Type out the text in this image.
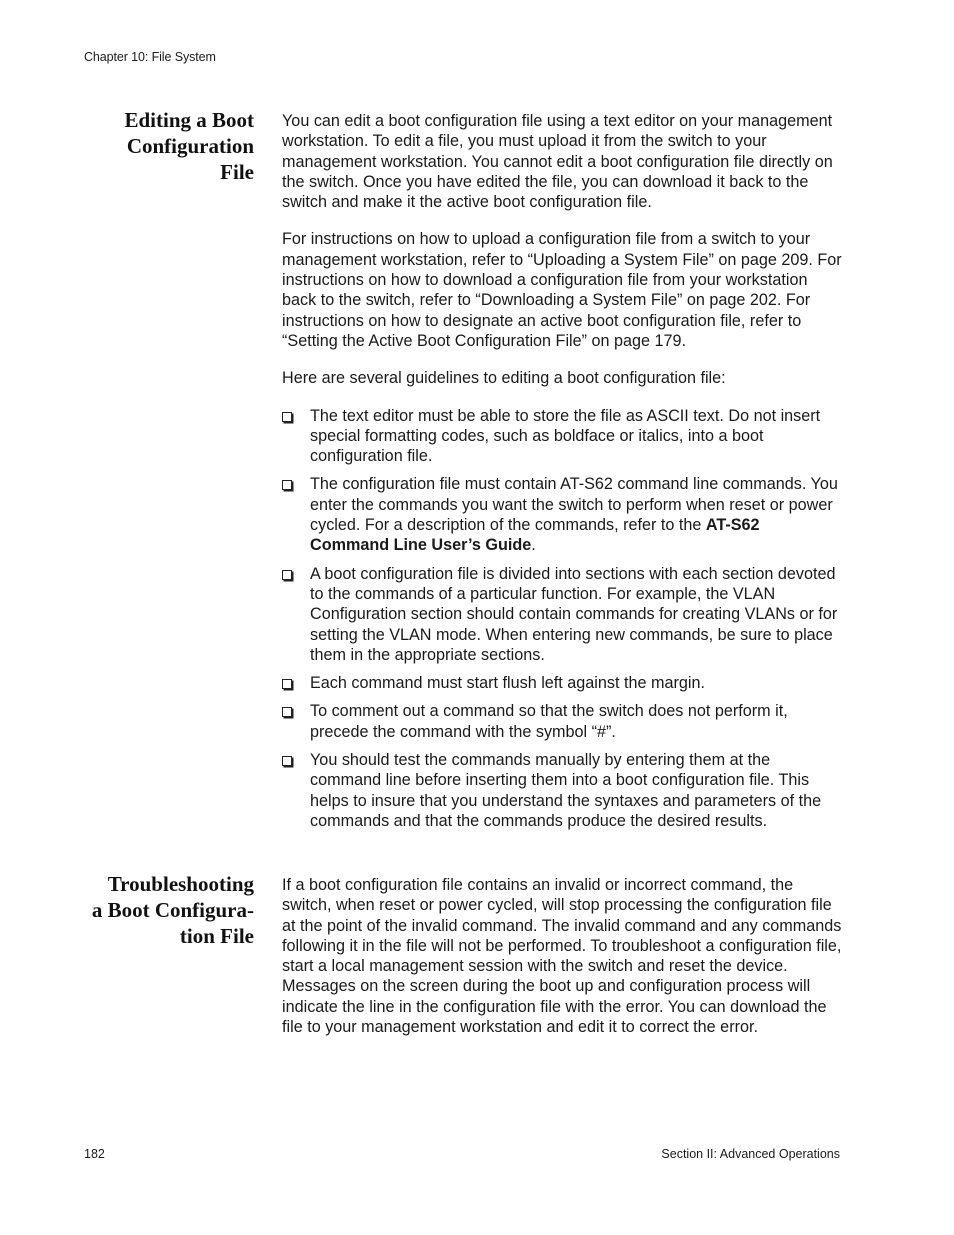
Chapter 10: File System
Editing a Boot
Configuration
File

You can edit a boot configuration file using a text editor on your management workstation. To edit a file, you must upload it from the switch to your management workstation. You cannot edit a boot configuration file directly on the switch. Once you have edited the file, you can download it back to the switch and make it the active boot configuration file.

For instructions on how to upload a configuration file from a switch to your management workstation, refer to “Uploading a System File” on page 209. For instructions on how to download a configuration file from your workstation back to the switch, refer to “Downloading a System File” on page 202. For instructions on how to designate an active boot configuration file, refer to “Setting the Active Boot Configuration File” on page 179.

Here are several guidelines to editing a boot configuration file:

The text editor must be able to store the file as ASCII text. Do not insert special formatting codes, such as boldface or italics, into a boot configuration file.
The configuration file must contain AT-S62 command line commands. You enter the commands you want the switch to perform when reset or power cycled. For a description of the commands, refer to the AT-S62 Command Line User’s Guide.
A boot configuration file is divided into sections with each section devoted to the commands of a particular function. For example, the VLAN Configuration section should contain commands for creating VLANs or for setting the VLAN mode. When entering new commands, be sure to place them in the appropriate sections.
Each command must start flush left against the margin.
To comment out a command so that the switch does not perform it, precede the command with the symbol “#”.
You should test the commands manually by entering them at the command line before inserting them into a boot configuration file. This helps to insure that you understand the syntaxes and parameters of the commands and that the commands produce the desired results.
Troubleshooting
a Boot Configura-
tion File

If a boot configuration file contains an invalid or incorrect command, the switch, when reset or power cycled, will stop processing the configuration file at the point of the invalid command. The invalid command and any commands following it in the file will not be performed. To troubleshoot a configuration file, start a local management session with the switch and reset the device. Messages on the screen during the boot up and configuration process will indicate the line in the configuration file with the error. You can download the file to your management workstation and edit it to correct the error.

182	Section II: Advanced Operations
